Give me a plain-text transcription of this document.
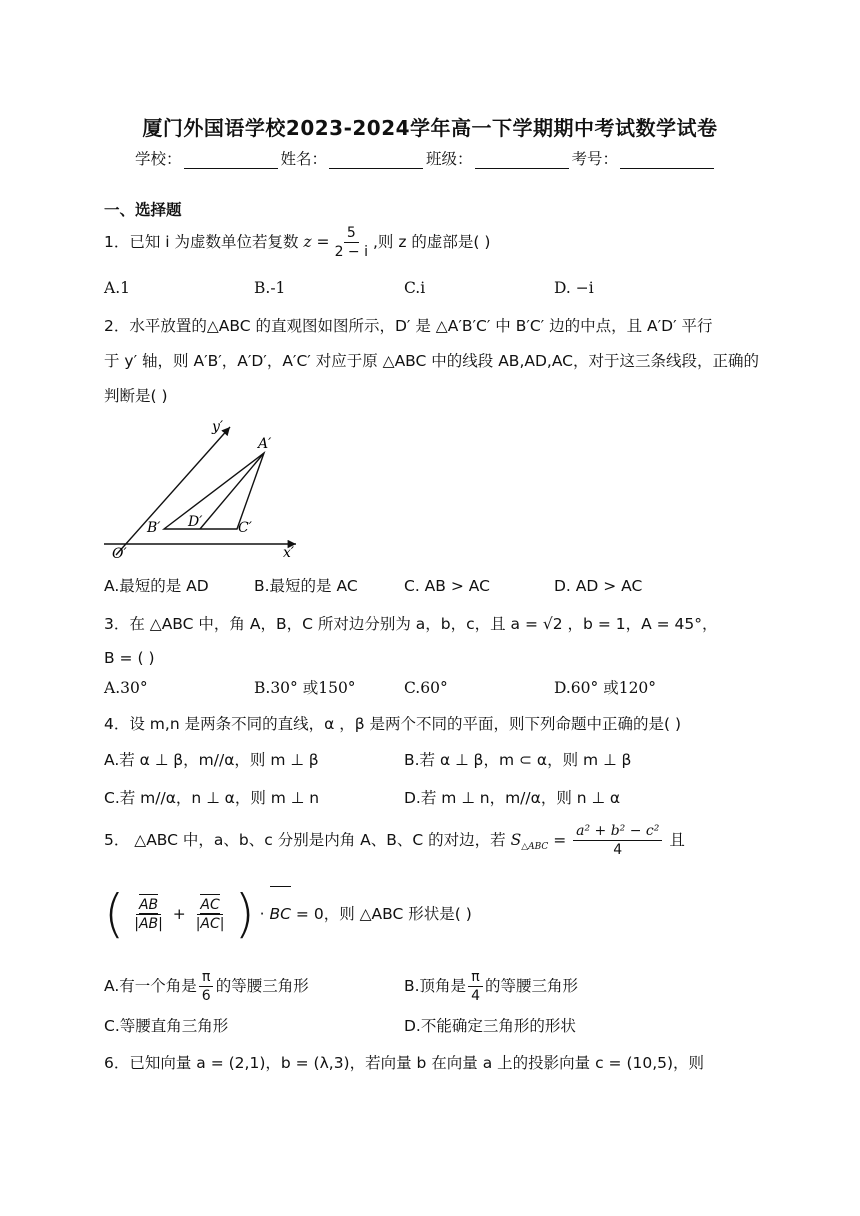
厦门外国语学校2023-2024学年高一下学期期中考试数学试卷
学校：	姓名：	班级：	考号：
一、选择题
1．已知 i 为虚数单位若复数 $z = \frac{5}{2 - i}$ ,则 z 的虚部是( )
A.1	B.-1	C.i	D. −i
2．水平放置的△ABC 的直观图如图所示，D′ 是 △A′B′C′ 中 B′C′ 边的中点，且 A′D′ 平行
于 y′ 轴，则 A′B′，A′D′，A′C′ 对应于原 △ABC 中的线段 AB,AD,AC，对于这三条线段，正确的
判断是( )
y′
x′
O′
A′
B′ D′	C′
A.最短的是 AD	B.最短的是 AC	C. AB > AC	D. AD > AC
3．在 △ABC 中，角 A，B，C 所对边分别为 a，b，c，且 a = √2 ，b = 1，A = 45°，
B = ( )
A.30°	B.30° 或150°	C.60°	D.60° 或120°
4．设 m,n 是两条不同的直线，α ，β 是两个不同的平面，则下列命题中正确的是( )
A.若 α ⊥ β，m//α，则 m ⊥ β	B.若 α ⊥ β，m ⊂ α，则 m ⊥ β
C.若 m//α，n ⊥ α，则 m ⊥ n	D.若 m ⊥ n，m//α，则 n ⊥ α
5． △ABC 中，a、b、c 分别是内角 A、B、C 的对边，若 $S_{\triangle ABC} = \frac{\text{a² + b² − c²}}{4}$ 且
( $\frac{AB}{|AB|} + \frac{AC}{|AC|}$ ) · BC = 0，则 △ABC 形状是( )
A.有一个角是 $\frac{\pi}{6}$ 的等腰三角形	B.顶角是 $\frac{\pi}{4}$ 的等腰三角形
C.等腰直角三角形	D.不能确定三角形的形状
6．已知向量 a = (2,1)，b = (λ,3)，若向量 b 在向量 a 上的投影向量 c = (10,5)，则
